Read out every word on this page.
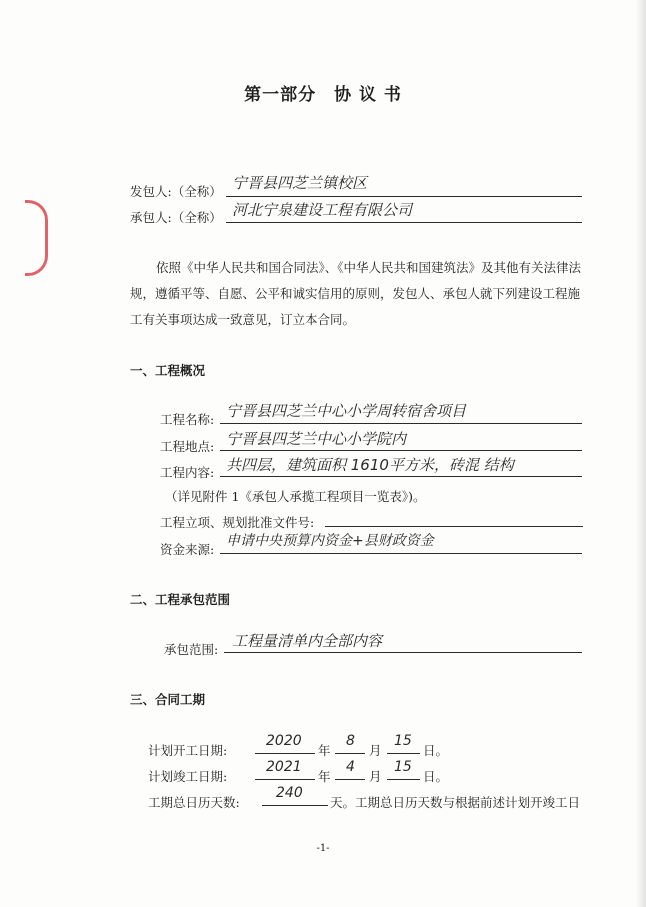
第一部分　协 议 书
发包人:（全称） 宁晋县四芝兰镇校区
承包人:（全称） 河北宁泉建设工程有限公司
依照《中华人民共和国合同法》、《中华人民共和国建筑法》及其他有关法律法规，遵循平等、自愿、公平和诚实信用的原则，发包人、承包人就下列建设工程施工有关事项达成一致意见，订立本合同。
一、工程概况
工程名称: 宁晋县四芝兰中心小学周转宿舍项目
工程地点: 宁晋县四芝兰中心小学院内
工程内容: 共四层，建筑面积 1610平方米，砖混 结构
（详见附件 1《承包人承揽工程项目一览表》)。
工程立项、规划批准文件号:
资金来源:
申请中央预算内资金+县财政资金
二、工程承包范围
承包范围: 工程量清单内全部内容
三、合同工期
计划开工日期:
2020
年
8
月
15
日。
计划竣工日期:
2021
年
4
月
15
日。
工期总日历天数:
240
天。工期总日历天数与根据前述计划开竣工日
-1-
